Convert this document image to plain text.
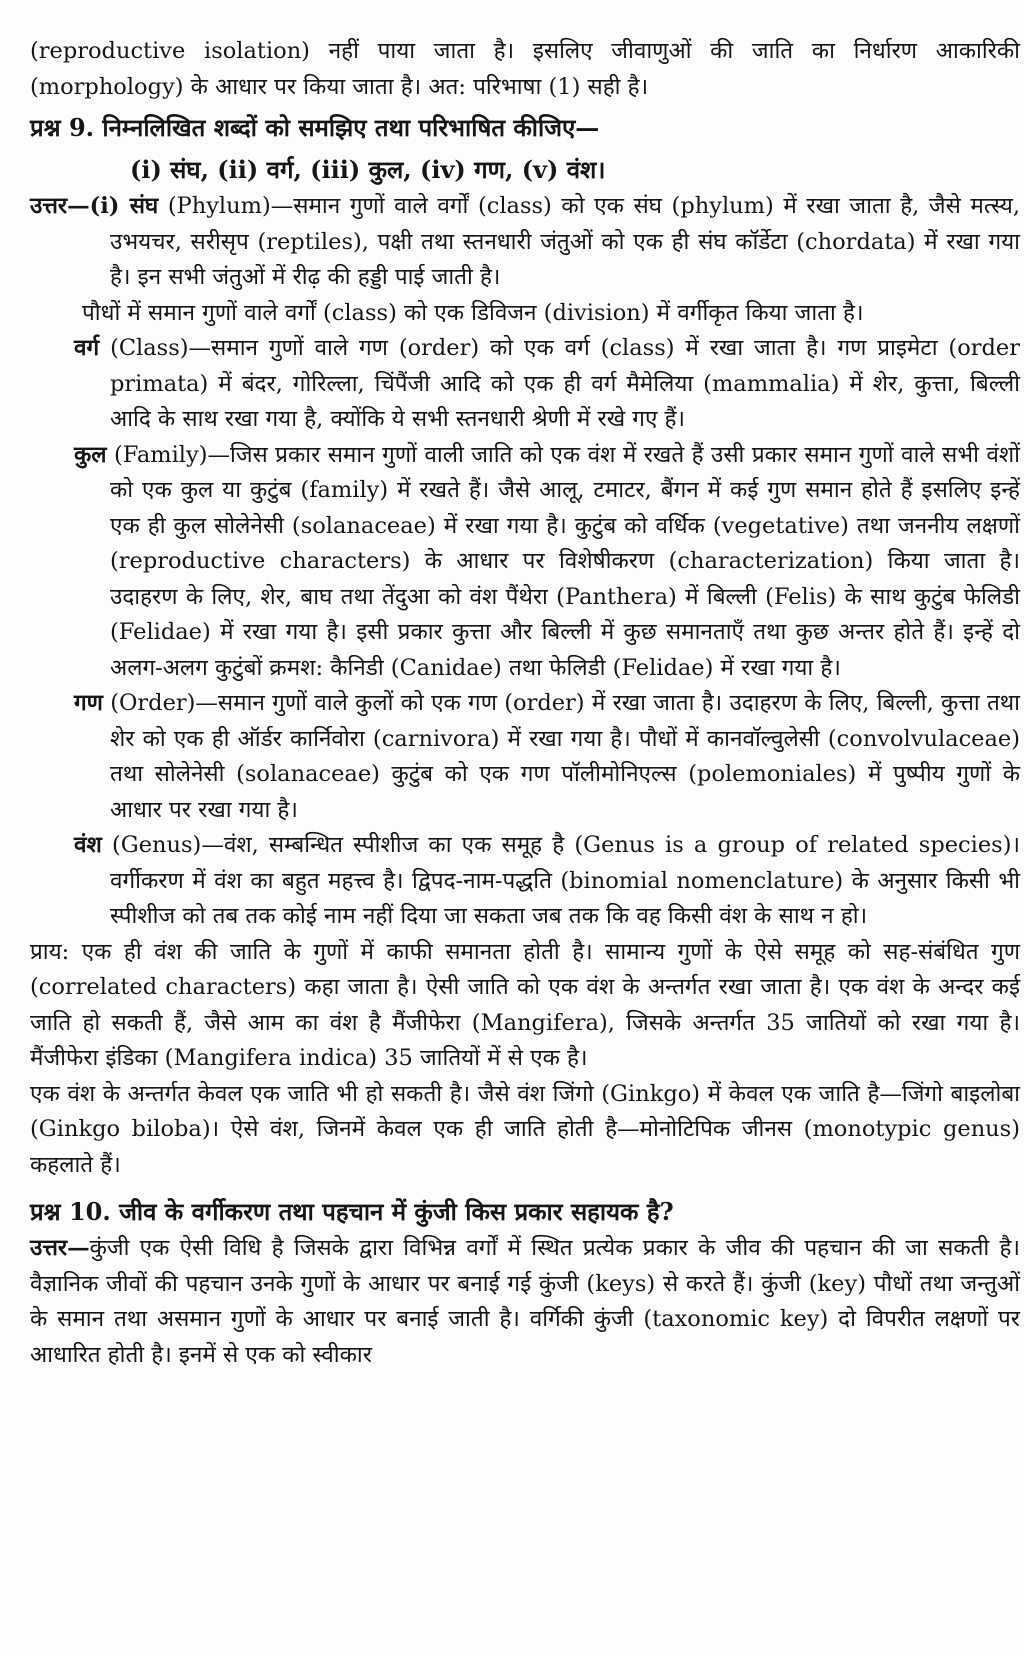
(reproductive isolation) नहीं पाया जाता है। इसलिए जीवाणुओं की जाति का निर्धारण आकारिकी (morphology) के आधार पर किया जाता है। अत: परिभाषा (1) सही है।

प्रश्न 9. निम्नलिखित शब्दों को समझिए तथा परिभाषित कीजिए—

(i) संघ, (ii) वर्ग, (iii) कुल, (iv) गण, (v) वंश।

उत्तर—(i) संघ (Phylum)—समान गुणों वाले वर्गों (class) को एक संघ (phylum) में रखा जाता है, जैसे मत्स्य, उभयचर, सरीसृप (reptiles), पक्षी तथा स्तनधारी जंतुओं को एक ही संघ कॉर्डेटा (chordata) में रखा गया है। इन सभी जंतुओं में रीढ़ की हड्डी पाई जाती है।

पौधों में समान गुणों वाले वर्गों (class) को एक डिविजन (division) में वर्गीकृत किया जाता है।

वर्ग (Class)—समान गुणों वाले गण (order) को एक वर्ग (class) में रखा जाता है। गण प्राइमेटा (order primata) में बंदर, गोरिल्ला, चिंपैंजी आदि को एक ही वर्ग मैमेलिया (mammalia) में शेर, कुत्ता, बिल्ली आदि के साथ रखा गया है, क्योंकि ये सभी स्तनधारी श्रेणी में रखे गए हैं।

कुल (Family)—जिस प्रकार समान गुणों वाली जाति को एक वंश में रखते हैं उसी प्रकार समान गुणों वाले सभी वंशों को एक कुल या कुटुंब (family) में रखते हैं। जैसे आलू, टमाटर, बैंगन में कई गुण समान होते हैं इसलिए इन्हें एक ही कुल सोलेनेसी (solanaceae) में रखा गया है। कुटुंब को वर्धिक (vegetative) तथा जननीय लक्षणों (reproductive characters) के आधार पर विशेषीकरण (characterization) किया जाता है। उदाहरण के लिए, शेर, बाघ तथा तेंदुआ को वंश पैंथेरा (Panthera) में बिल्ली (Felis) के साथ कुटुंब फेलिडी (Felidae) में रखा गया है। इसी प्रकार कुत्ता और बिल्ली में कुछ समानताएँ तथा कुछ अन्तर होते हैं। इन्हें दो अलग-अलग कुटुंबों क्रमश: कैनिडी (Canidae) तथा फेलिडी (Felidae) में रखा गया है।

गण (Order)—समान गुणों वाले कुलों को एक गण (order) में रखा जाता है। उदाहरण के लिए, बिल्ली, कुत्ता तथा शेर को एक ही ऑर्डर कार्निवोरा (carnivora) में रखा गया है। पौधों में कानवॉल्वुलेसी (convolvulaceae) तथा सोलेनेसी (solanaceae) कुटुंब को एक गण पॉलीमोनिएल्स (polemoniales) में पुष्पीय गुणों के आधार पर रखा गया है।

वंश (Genus)—वंश, सम्बन्धित स्पीशीज का एक समूह है (Genus is a group of related species)। वर्गीकरण में वंश का बहुत महत्त्व है। द्विपद-नाम-पद्धति (binomial nomenclature) के अनुसार किसी भी स्पीशीज को तब तक कोई नाम नहीं दिया जा सकता जब तक कि वह किसी वंश के साथ न हो।

प्राय: एक ही वंश की जाति के गुणों में काफी समानता होती है। सामान्य गुणों के ऐसे समूह को सह-संबंधित गुण (correlated characters) कहा जाता है। ऐसी जाति को एक वंश के अन्तर्गत रखा जाता है। एक वंश के अन्दर कई जाति हो सकती हैं, जैसे आम का वंश है मैंजीफेरा (Mangifera), जिसके अन्तर्गत 35 जातियों को रखा गया है। मैंजीफेरा इंडिका (Mangifera indica) 35 जातियों में से एक है।

एक वंश के अन्तर्गत केवल एक जाति भी हो सकती है। जैसे वंश जिंगो (Ginkgo) में केवल एक जाति है—जिंगो बाइलोबा (Ginkgo biloba)। ऐसे वंश, जिनमें केवल एक ही जाति होती है—मोनोटिपिक जीनस (monotypic genus) कहलाते हैं।

प्रश्न 10. जीव के वर्गीकरण तथा पहचान में कुंजी किस प्रकार सहायक है?

उत्तर—कुंजी एक ऐसी विधि है जिसके द्वारा विभिन्न वर्गों में स्थित प्रत्येक प्रकार के जीव की पहचान की जा सकती है। वैज्ञानिक जीवों की पहचान उनके गुणों के आधार पर बनाई गई कुंजी (keys) से करते हैं। कुंजी (key) पौधों तथा जन्तुओं के समान तथा असमान गुणों के आधार पर बनाई जाती है। वर्गिकी कुंजी (taxonomic key) दो विपरीत लक्षणों पर आधारित होती है। इनमें से एक को स्वीकार
